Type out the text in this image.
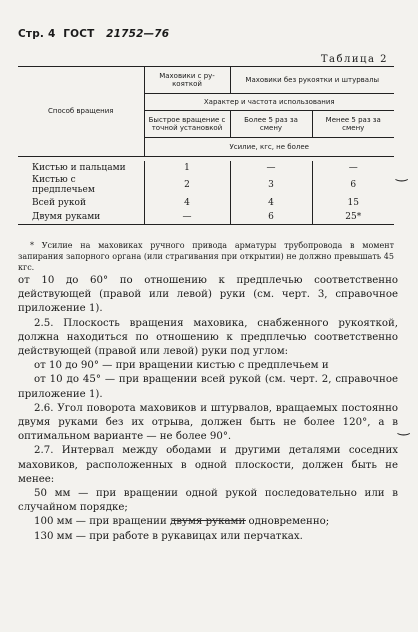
Стр. 4 ГОСТ 21752—76
Таблица 2
Способ вращения	Маховики с ру-
кояткой	Маховики без рукоятки и штурвалы	
	Характер и частота использования		
	Быстрое вращение с точной установкой	Более 5 раз за смену	Менее 5 раз за смену
	Усилие, кгс, не более		

Кистью и пальцами	1	—	—
Кистью с предплечьем	2	3	6
Всей рукой	4	4	15
Двумя руками	—	6	25*
‿
* Усилие на маховиках ручного привода арматуры трубопровода в момент запирания запорного органа (или страгивания при открытии) не должно превышать 45 кгс.

от 10 до 60° по отношению к предплечью соответственно действующей (правой или левой) руки (см. черт. 3, справочное приложение 1).

2.5. Плоскость вращения маховика, снабженного рукояткой, должна находиться по отношению к предплечью соответственно действующей (правой или левой) руки под углом:

от 10 до 90° — при вращении кистью с предплечьем и

от 10 до 45° — при вращении всей рукой (см. черт. 2, справочное приложение 1).

2.6. Угол поворота маховиков и штурвалов, вращаемых постоянно двумя руками без их отрыва, должен быть не более 120°, а в оптимальном варианте — не более 90°.

2.7. Интервал между ободами и другими деталями соседних маховиков, расположенных в одной плоскости, должен быть не менее:

50 мм — при вращении одной рукой последовательно или в случайном порядке;

100 мм — при вращении двумя руками одновременно;

130 мм — при работе в рукавицах или перчатках.

‿
